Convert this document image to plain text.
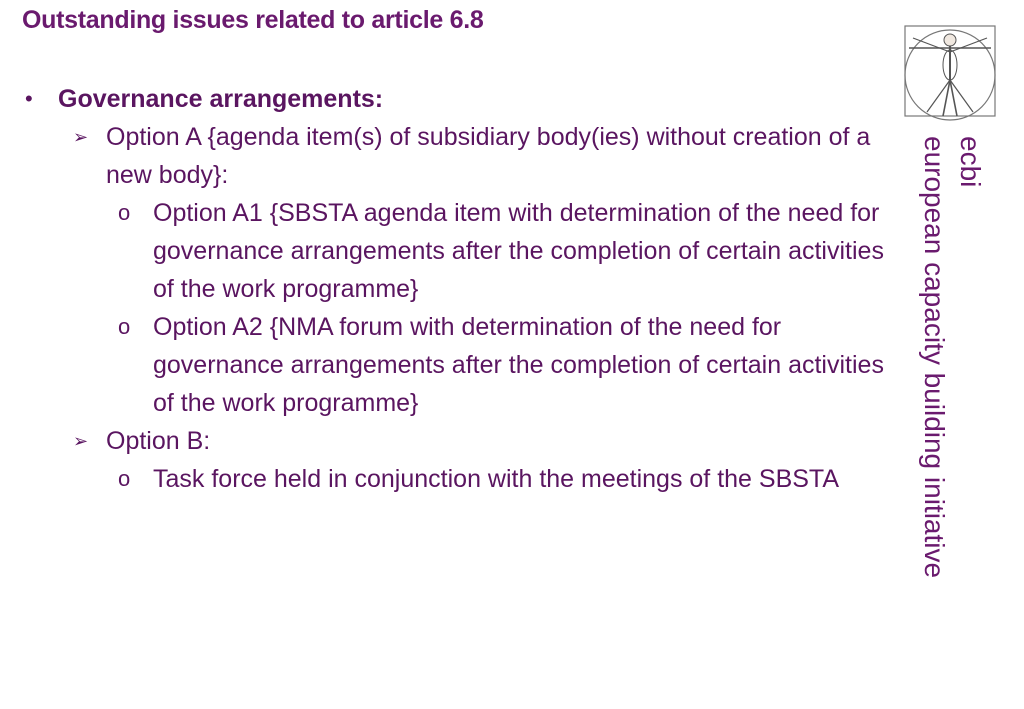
Outstanding issues related to article 6.8
• Governance arrangements:
➢ Option A {agenda item(s) of subsidiary body(ies) without creation of a new body}:
o Option A1 {SBSTA agenda item with determination of the need for governance arrangements after the completion of certain activities of the work programme}
o Option A2 {NMA forum with determination of the need for governance arrangements after the completion of certain activities of the work programme}
➢ Option B:
o Task force held in conjunction with the meetings of the SBSTA
ecbi
european capacity building initiative
